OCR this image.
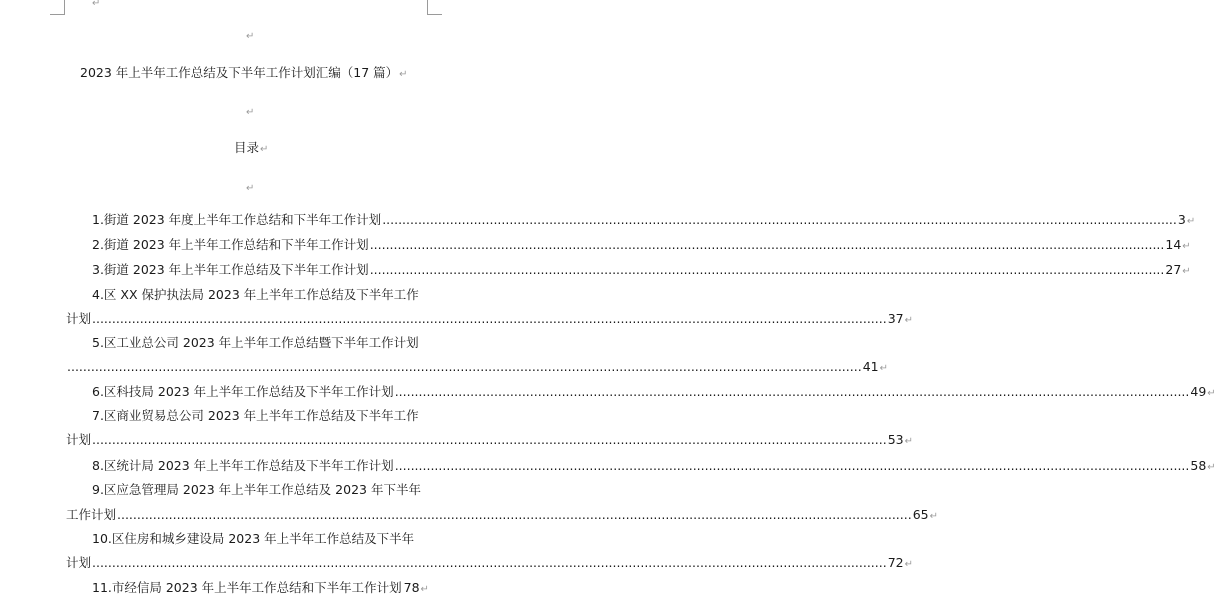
↵
↵
2023 年上半年工作总结及下半年工作计划汇编（17 篇）↵
↵
目录↵
↵
1.街道 2023 年度上半年工作总结和下半年工作计划 ........................................................................................................................................................................................................ 3 ↵
2.街道 2023 年上半年工作总结和下半年工作计划 ........................................................................................................................................................................................................ 14 ↵
3.街道 2023 年上半年工作总结及下半年工作计划 ........................................................................................................................................................................................................ 27 ↵
4.区 XX 保护执法局 2023 年上半年工作总结及下半年工作
计划 ........................................................................................................................................................................................................ 37 ↵
5.区工业总公司 2023 年上半年工作总结暨下半年工作计划
........................................................................................................................................................................................................ 41 ↵
6.区科技局 2023 年上半年工作总结及下半年工作计划 ........................................................................................................................................................................................................ 49 ↵
7.区商业贸易总公司 2023 年上半年工作总结及下半年工作
计划 ........................................................................................................................................................................................................ 53 ↵
8.区统计局 2023 年上半年工作总结及下半年工作计划 ........................................................................................................................................................................................................ 58 ↵
9.区应急管理局 2023 年上半年工作总结及 2023 年下半年
工作计划 ........................................................................................................................................................................................................ 65 ↵
10.区住房和城乡建设局 2023 年上半年工作总结及下半年
计划 ........................................................................................................................................................................................................ 72 ↵
11.市经信局 2023 年上半年工作总结和下半年工作计划 78 ↵
